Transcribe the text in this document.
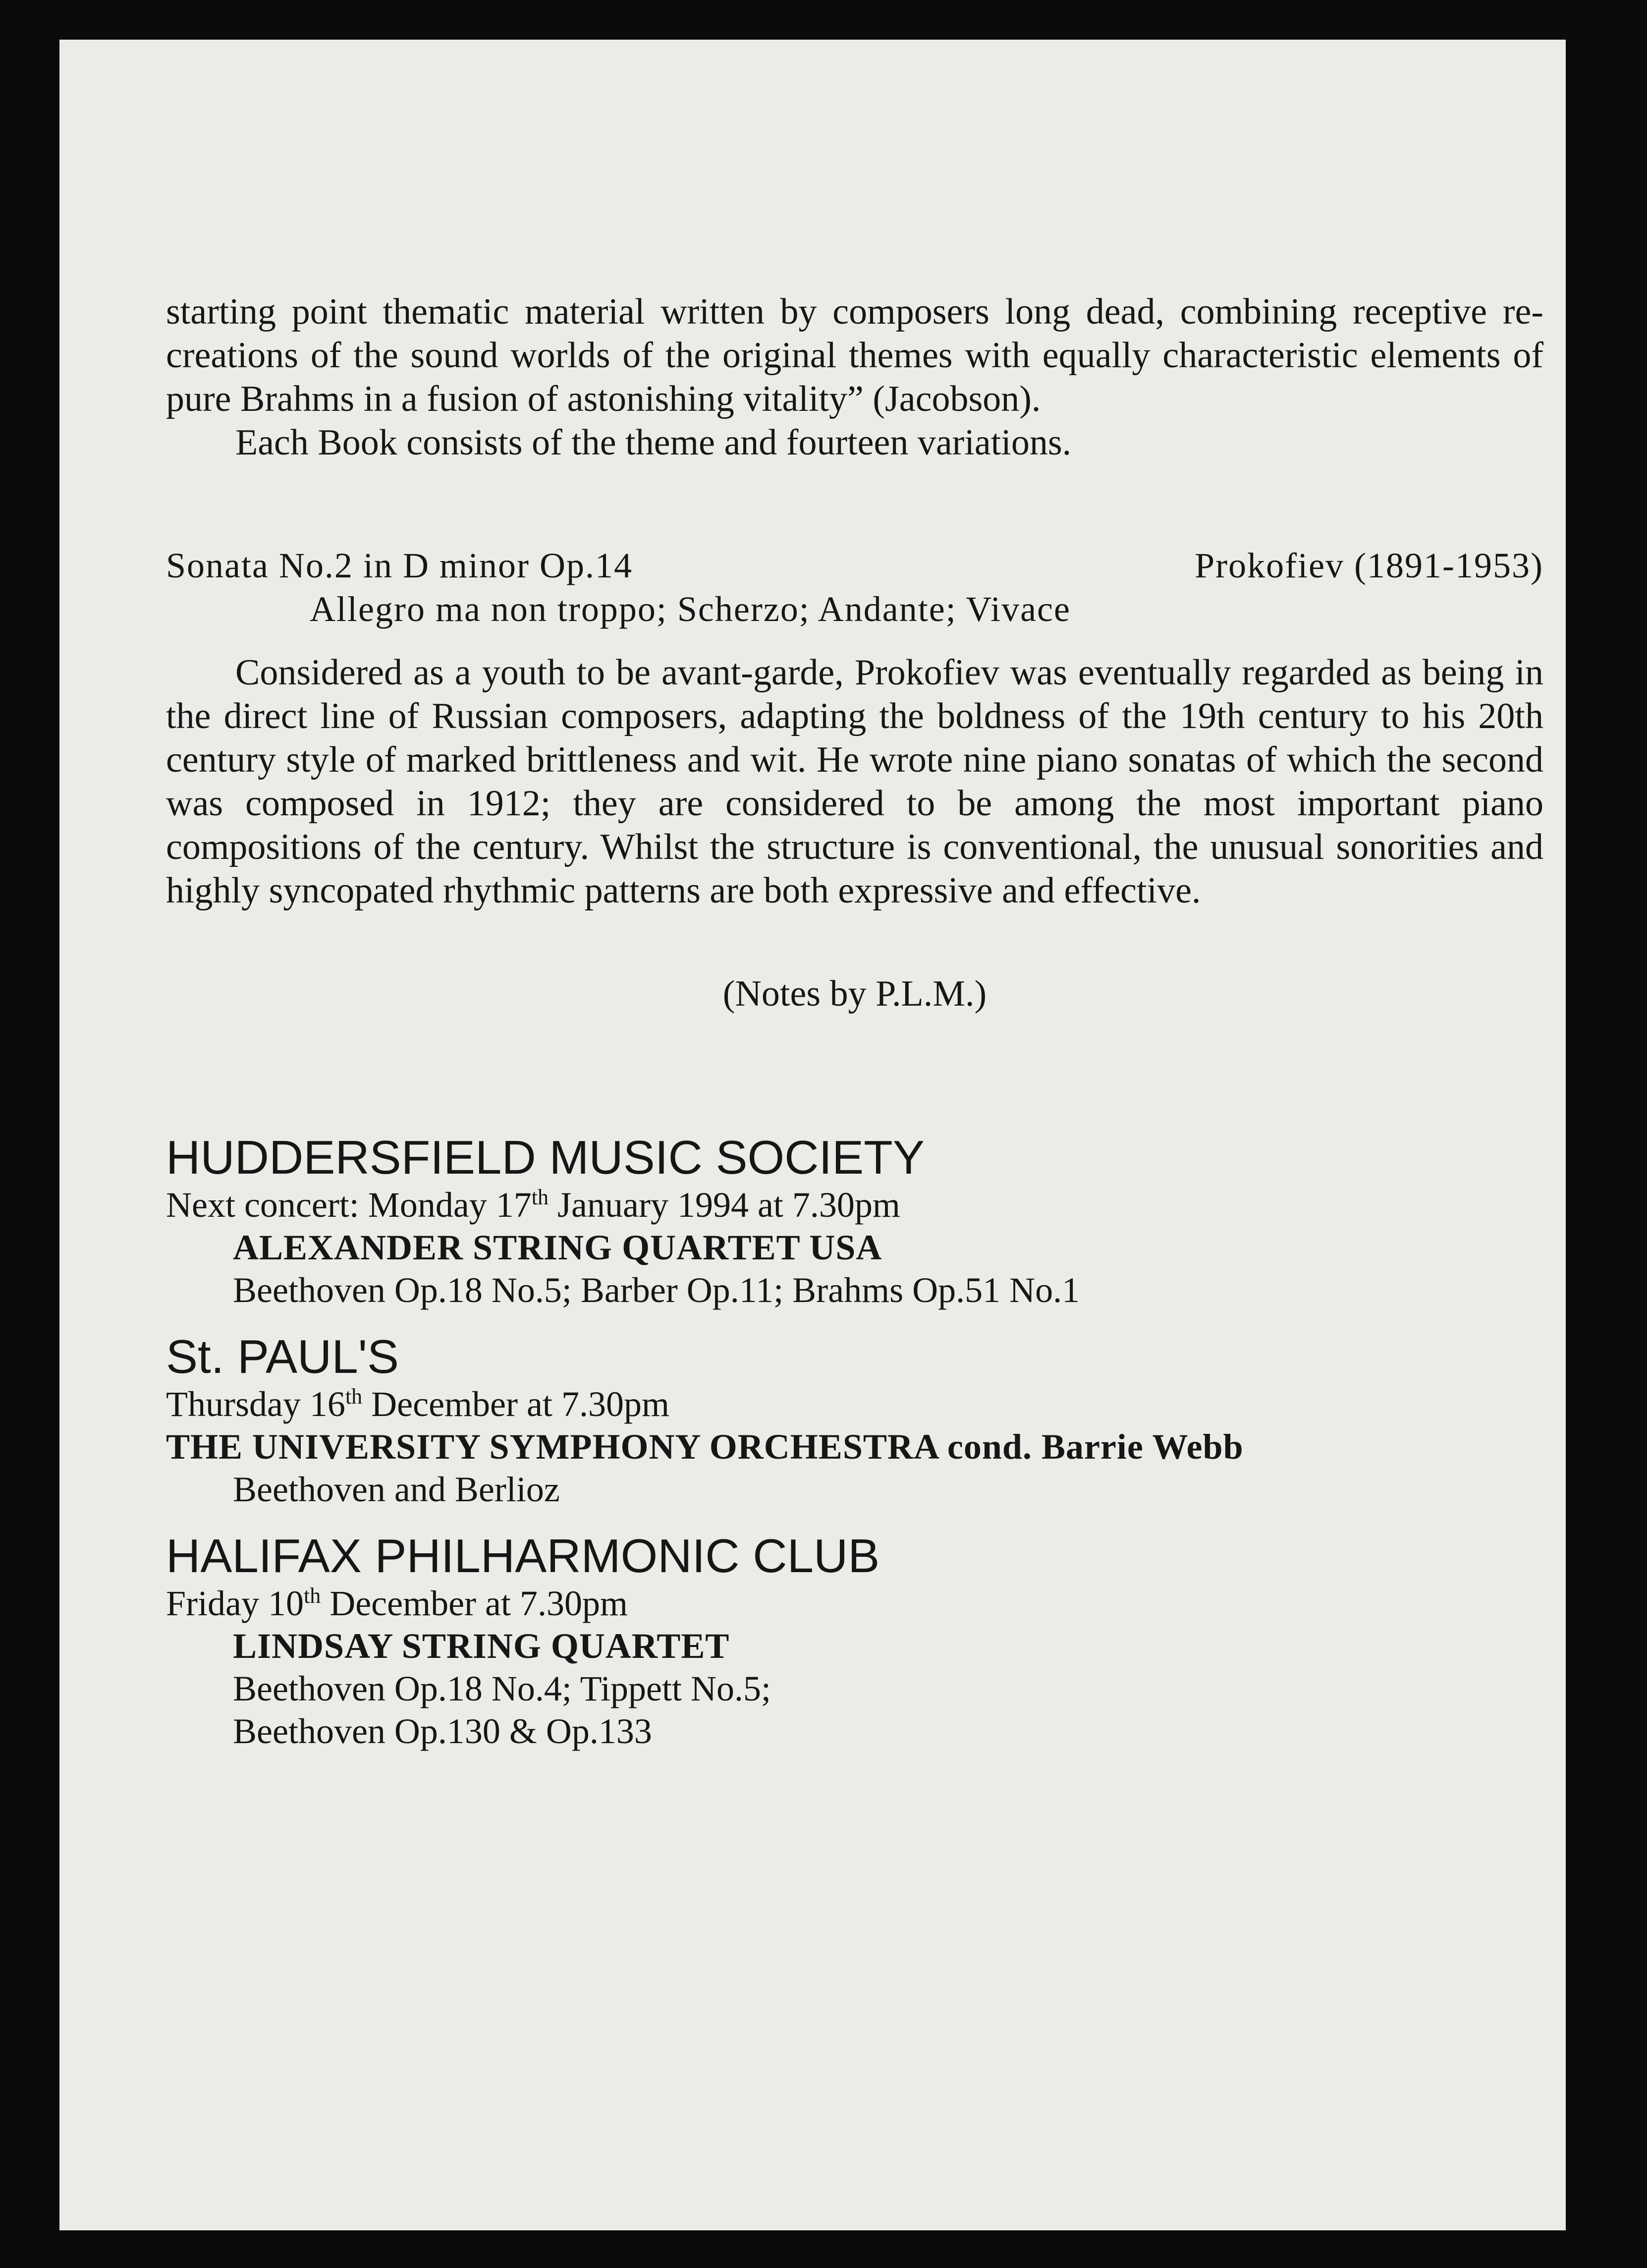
starting point thematic material written by composers long dead, combining receptive re-creations of the sound worlds of the original themes with equally characteristic elements of pure Brahms in a fusion of astonishing vitality” (Jacobson).

Each Book consists of the theme and fourteen variations.

Sonata No.2 in D minor Op.14	Prokofiev (1891-1953)
Allegro ma non troppo; Scherzo; Andante; Vivace

Considered as a youth to be avant-garde, Prokofiev was eventually regarded as being in the direct line of Russian composers, adapting the boldness of the 19th century to his 20th century style of marked brittleness and wit. He wrote nine piano sonatas of which the second was composed in 1912; they are considered to be among the most important piano compositions of the century. Whilst the structure is conventional, the unusual sonorities and highly syncopated rhythmic patterns are both expressive and effective.

(Notes by P.L.M.)
HUDDERSFIELD MUSIC SOCIETY
Next concert: Monday 17th January 1994 at 7.30pm
ALEXANDER STRING QUARTET USA
Beethoven Op.18 No.5; Barber Op.11; Brahms Op.51 No.1
St. PAUL'S
Thursday 16th December at 7.30pm
THE UNIVERSITY SYMPHONY ORCHESTRA cond. Barrie Webb
Beethoven and Berlioz
HALIFAX PHILHARMONIC CLUB
Friday 10th December at 7.30pm
LINDSAY STRING QUARTET
Beethoven Op.18 No.4; Tippett No.5;
Beethoven Op.130 & Op.133
